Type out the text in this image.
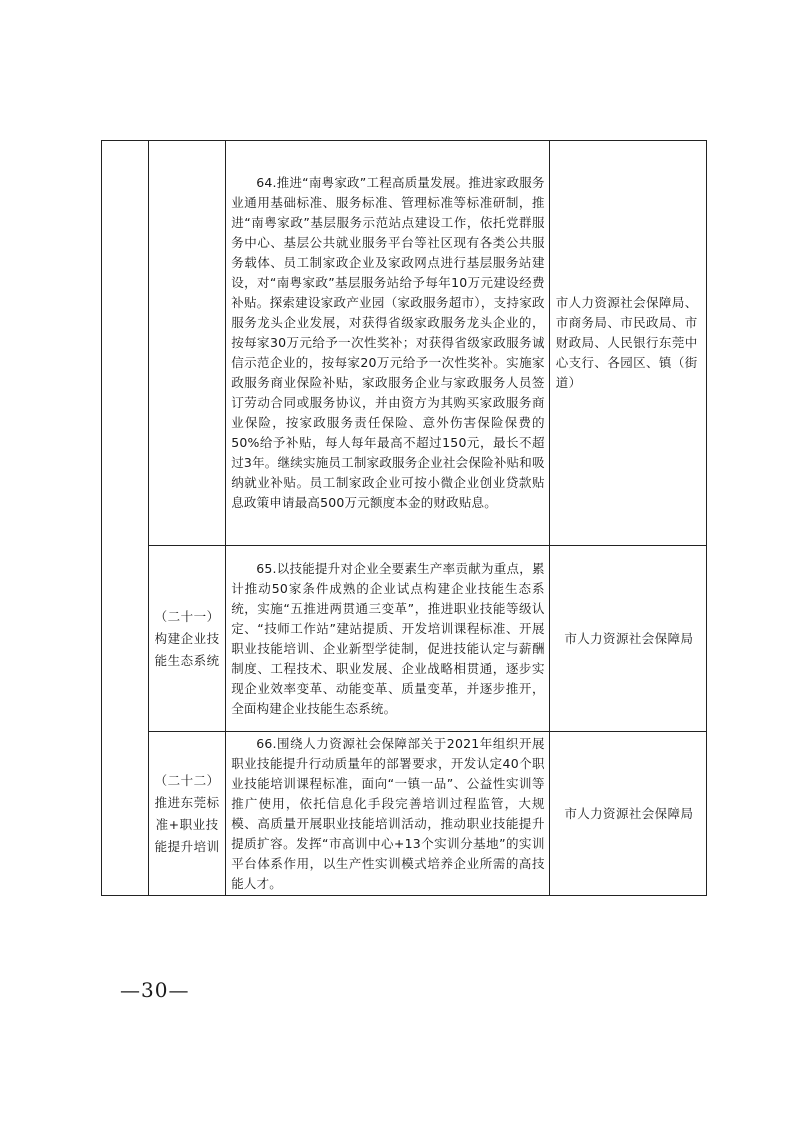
		64.推进“南粤家政”工程高质量发展。推进家政服务业通用基础标准、服务标准、管理标准等标准研制，推进“南粤家政”基层服务示范站点建设工作，依托党群服务中心、基层公共就业服务平台等社区现有各类公共服务载体、员工制家政企业及家政网点进行基层服务站建设，对“南粤家政”基层服务站给予每年10万元建设经费补贴。探索建设家政产业园（家政服务超市），支持家政服务龙头企业发展，对获得省级家政服务龙头企业的，按每家30万元给予一次性奖补；对获得省级家政服务诚信示范企业的，按每家20万元给予一次性奖补。实施家政服务商业保险补贴，家政服务企业与家政服务人员签订劳动合同或服务协议，并由资方为其购买家政服务商业保险，按家政服务责任保险、意外伤害保险保费的50%给予补贴，每人每年最高不超过150元，最长不超过3年。继续实施员工制家政服务企业社会保险补贴和吸纳就业补贴。员工制家政企业可按小微企业创业贷款贴息政策申请最高500万元额度本金的财政贴息。	市人力资源社会保障局、市商务局、市民政局、市财政局、人民银行东莞中心支行、各园区、镇（街道）
	（二十一）构建企业技能生态系统	65.以技能提升对企业全要素生产率贡献为重点，累计推动50家条件成熟的企业试点构建企业技能生态系统，实施“五推进两贯通三变革”，推进职业技能等级认定、“技师工作站”建站提质、开发培训课程标准、开展职业技能培训、企业新型学徒制，促进技能认定与薪酬制度、工程技术、职业发展、企业战略相贯通，逐步实现企业效率变革、动能变革、质量变革，并逐步推开，全面构建企业技能生态系统。	市人力资源社会保障局
	（二十二）推进东莞标准+职业技能提升培训	66.围绕人力资源社会保障部关于2021年组织开展职业技能提升行动质量年的部署要求，开发认定40个职业技能培训课程标准，面向“一镇一品”、公益性实训等推广使用，依托信息化手段完善培训过程监管，大规模、高质量开展职业技能培训活动，推动职业技能提升提质扩容。发挥“市高训中心+13个实训分基地”的实训平台体系作用，以生产性实训模式培养企业所需的高技能人才。	市人力资源社会保障局
—30—
